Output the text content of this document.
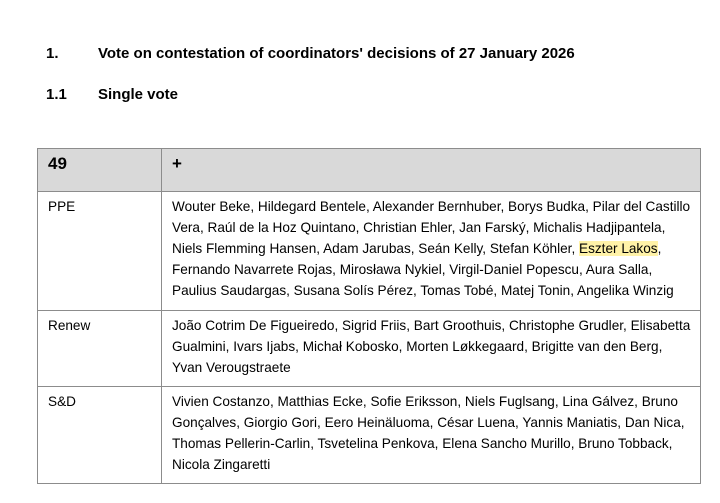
1.	Vote on contestation of coordinators' decisions of 27 January 2026
1.1 Single vote
49	+
PPE	Wouter Beke, Hildegard Bentele, Alexander Bernhuber, Borys Budka, Pilar del Castillo Vera, Raúl de la Hoz Quintano, Christian Ehler, Jan Farský, Michalis Hadjipantela, Niels Flemming Hansen, Adam Jarubas, Seán Kelly, Stefan Köhler, Eszter Lakos, Fernando Navarrete Rojas, Mirosława Nykiel, Virgil-Daniel Popescu, Aura Salla, Paulius Saudargas, Susana Solís Pérez, Tomas Tobé, Matej Tonin, Angelika Winzig
Renew	João Cotrim De Figueiredo, Sigrid Friis, Bart Groothuis, Christophe Grudler, Elisabetta Gualmini, Ivars Ijabs, Michał Kobosko, Morten Løkkegaard, Brigitte van den Berg, Yvan Verougstraete
S&D	Vivien Costanzo, Matthias Ecke, Sofie Eriksson, Niels Fuglsang, Lina Gálvez, Bruno Gonçalves, Giorgio Gori, Eero Heinäluoma, César Luena, Yannis Maniatis, Dan Nica, Thomas Pellerin-Carlin, Tsvetelina Penkova, Elena Sancho Murillo, Bruno Tobback, Nicola Zingaretti
